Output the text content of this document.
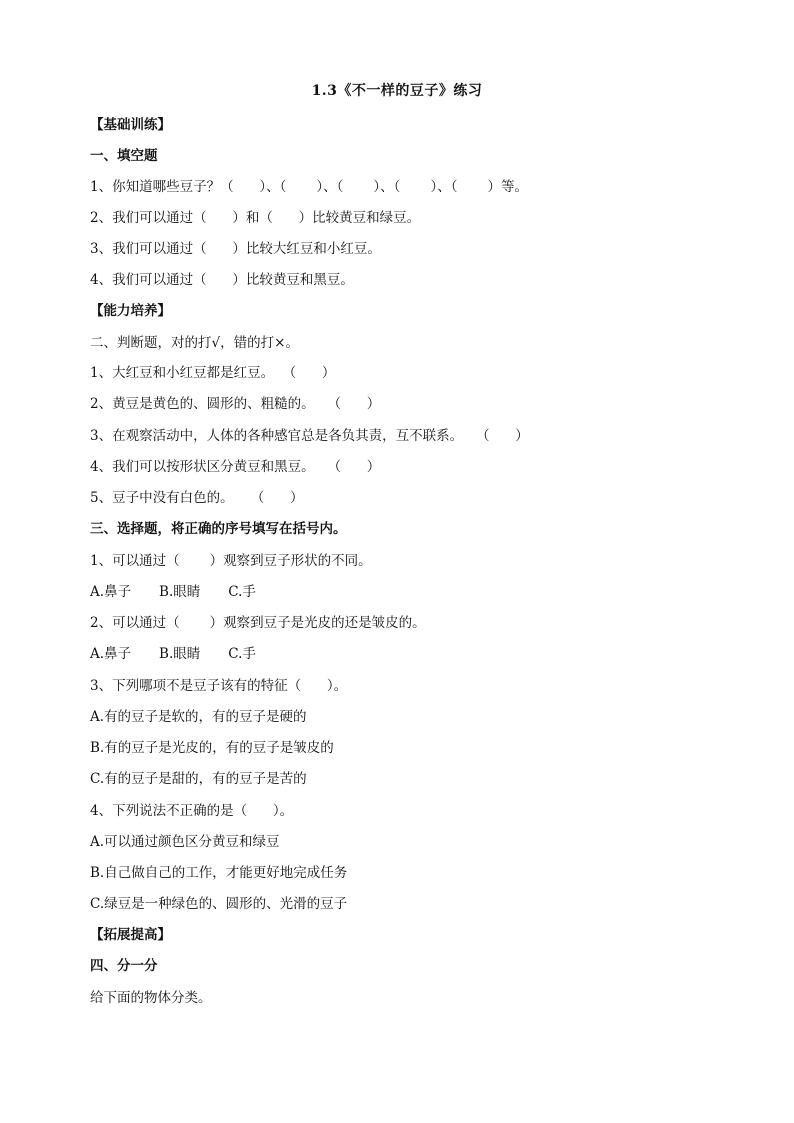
1.3《不一样的豆子》练习
【基础训练】
一、填空题
1、你知道哪些豆子？（      ）、（       ）、（       ）、（       ）、（       ）等。
2、我们可以通过（      ）和（      ）比较黄豆和绿豆。
3、我们可以通过（      ）比较大红豆和小红豆。
4、我们可以通过（      ）比较黄豆和黑豆。
【能力培养】
二、判断题，对的打√，错的打×。
1、大红豆和小红豆都是红豆。  （      ）
2、黄豆是黄色的、圆形的、粗糙的。   （      ）
3、在观察活动中，人体的各种感官总是各负其责，互不联系。   （      ）
4、我们可以按形状区分黄豆和黑豆。   （      ）
5、豆子中没有白色的。    （      ）
三、选择题，将正确的序号填写在括号内。
1、可以通过（       ）观察到豆子形状的不同。
A.鼻子 B.眼睛 C.手
2、可以通过（       ）观察到豆子是光皮的还是皱皮的。
A.鼻子 B.眼睛 C.手
3、下列哪项不是豆子该有的特征（      ）。
A.有的豆子是软的，有的豆子是硬的
B.有的豆子是光皮的，有的豆子是皱皮的
C.有的豆子是甜的，有的豆子是苦的
4、下列说法不正确的是（      ）。
A.可以通过颜色区分黄豆和绿豆
B.自己做自己的工作，才能更好地完成任务
C.绿豆是一种绿色的、圆形的、光滑的豆子
【拓展提高】
四、分一分
给下面的物体分类。
